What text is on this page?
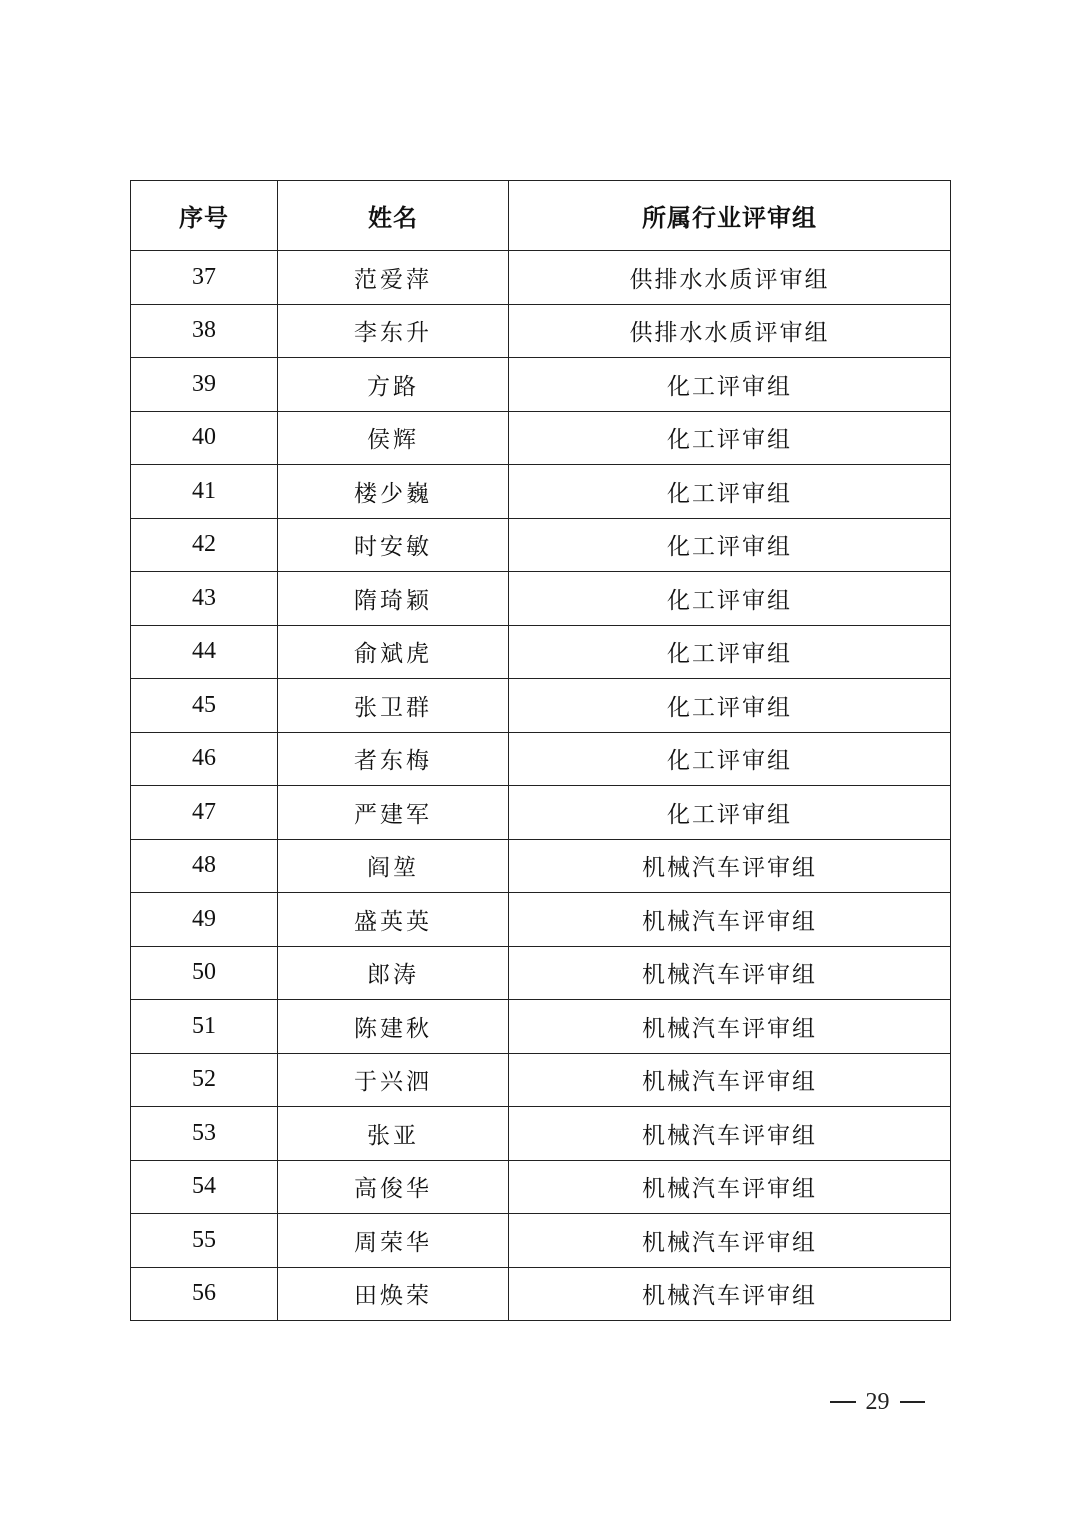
序号	姓名	所属行业评审组
37	范爱萍	供排水水质评审组
38	李东升	供排水水质评审组
39	方路	化工评审组
40	侯辉	化工评审组
41	楼少巍	化工评审组
42	时安敏	化工评审组
43	隋琦颖	化工评审组
44	俞斌虎	化工评审组
45	张卫群	化工评审组
46	者东梅	化工评审组
47	严建军	化工评审组
48	阎堃	机械汽车评审组
49	盛英英	机械汽车评审组
50	郎涛	机械汽车评审组
51	陈建秋	机械汽车评审组
52	于兴泗	机械汽车评审组
53	张亚	机械汽车评审组
54	高俊华	机械汽车评审组
55	周荣华	机械汽车评审组
56	田焕荣	机械汽车评审组
29
